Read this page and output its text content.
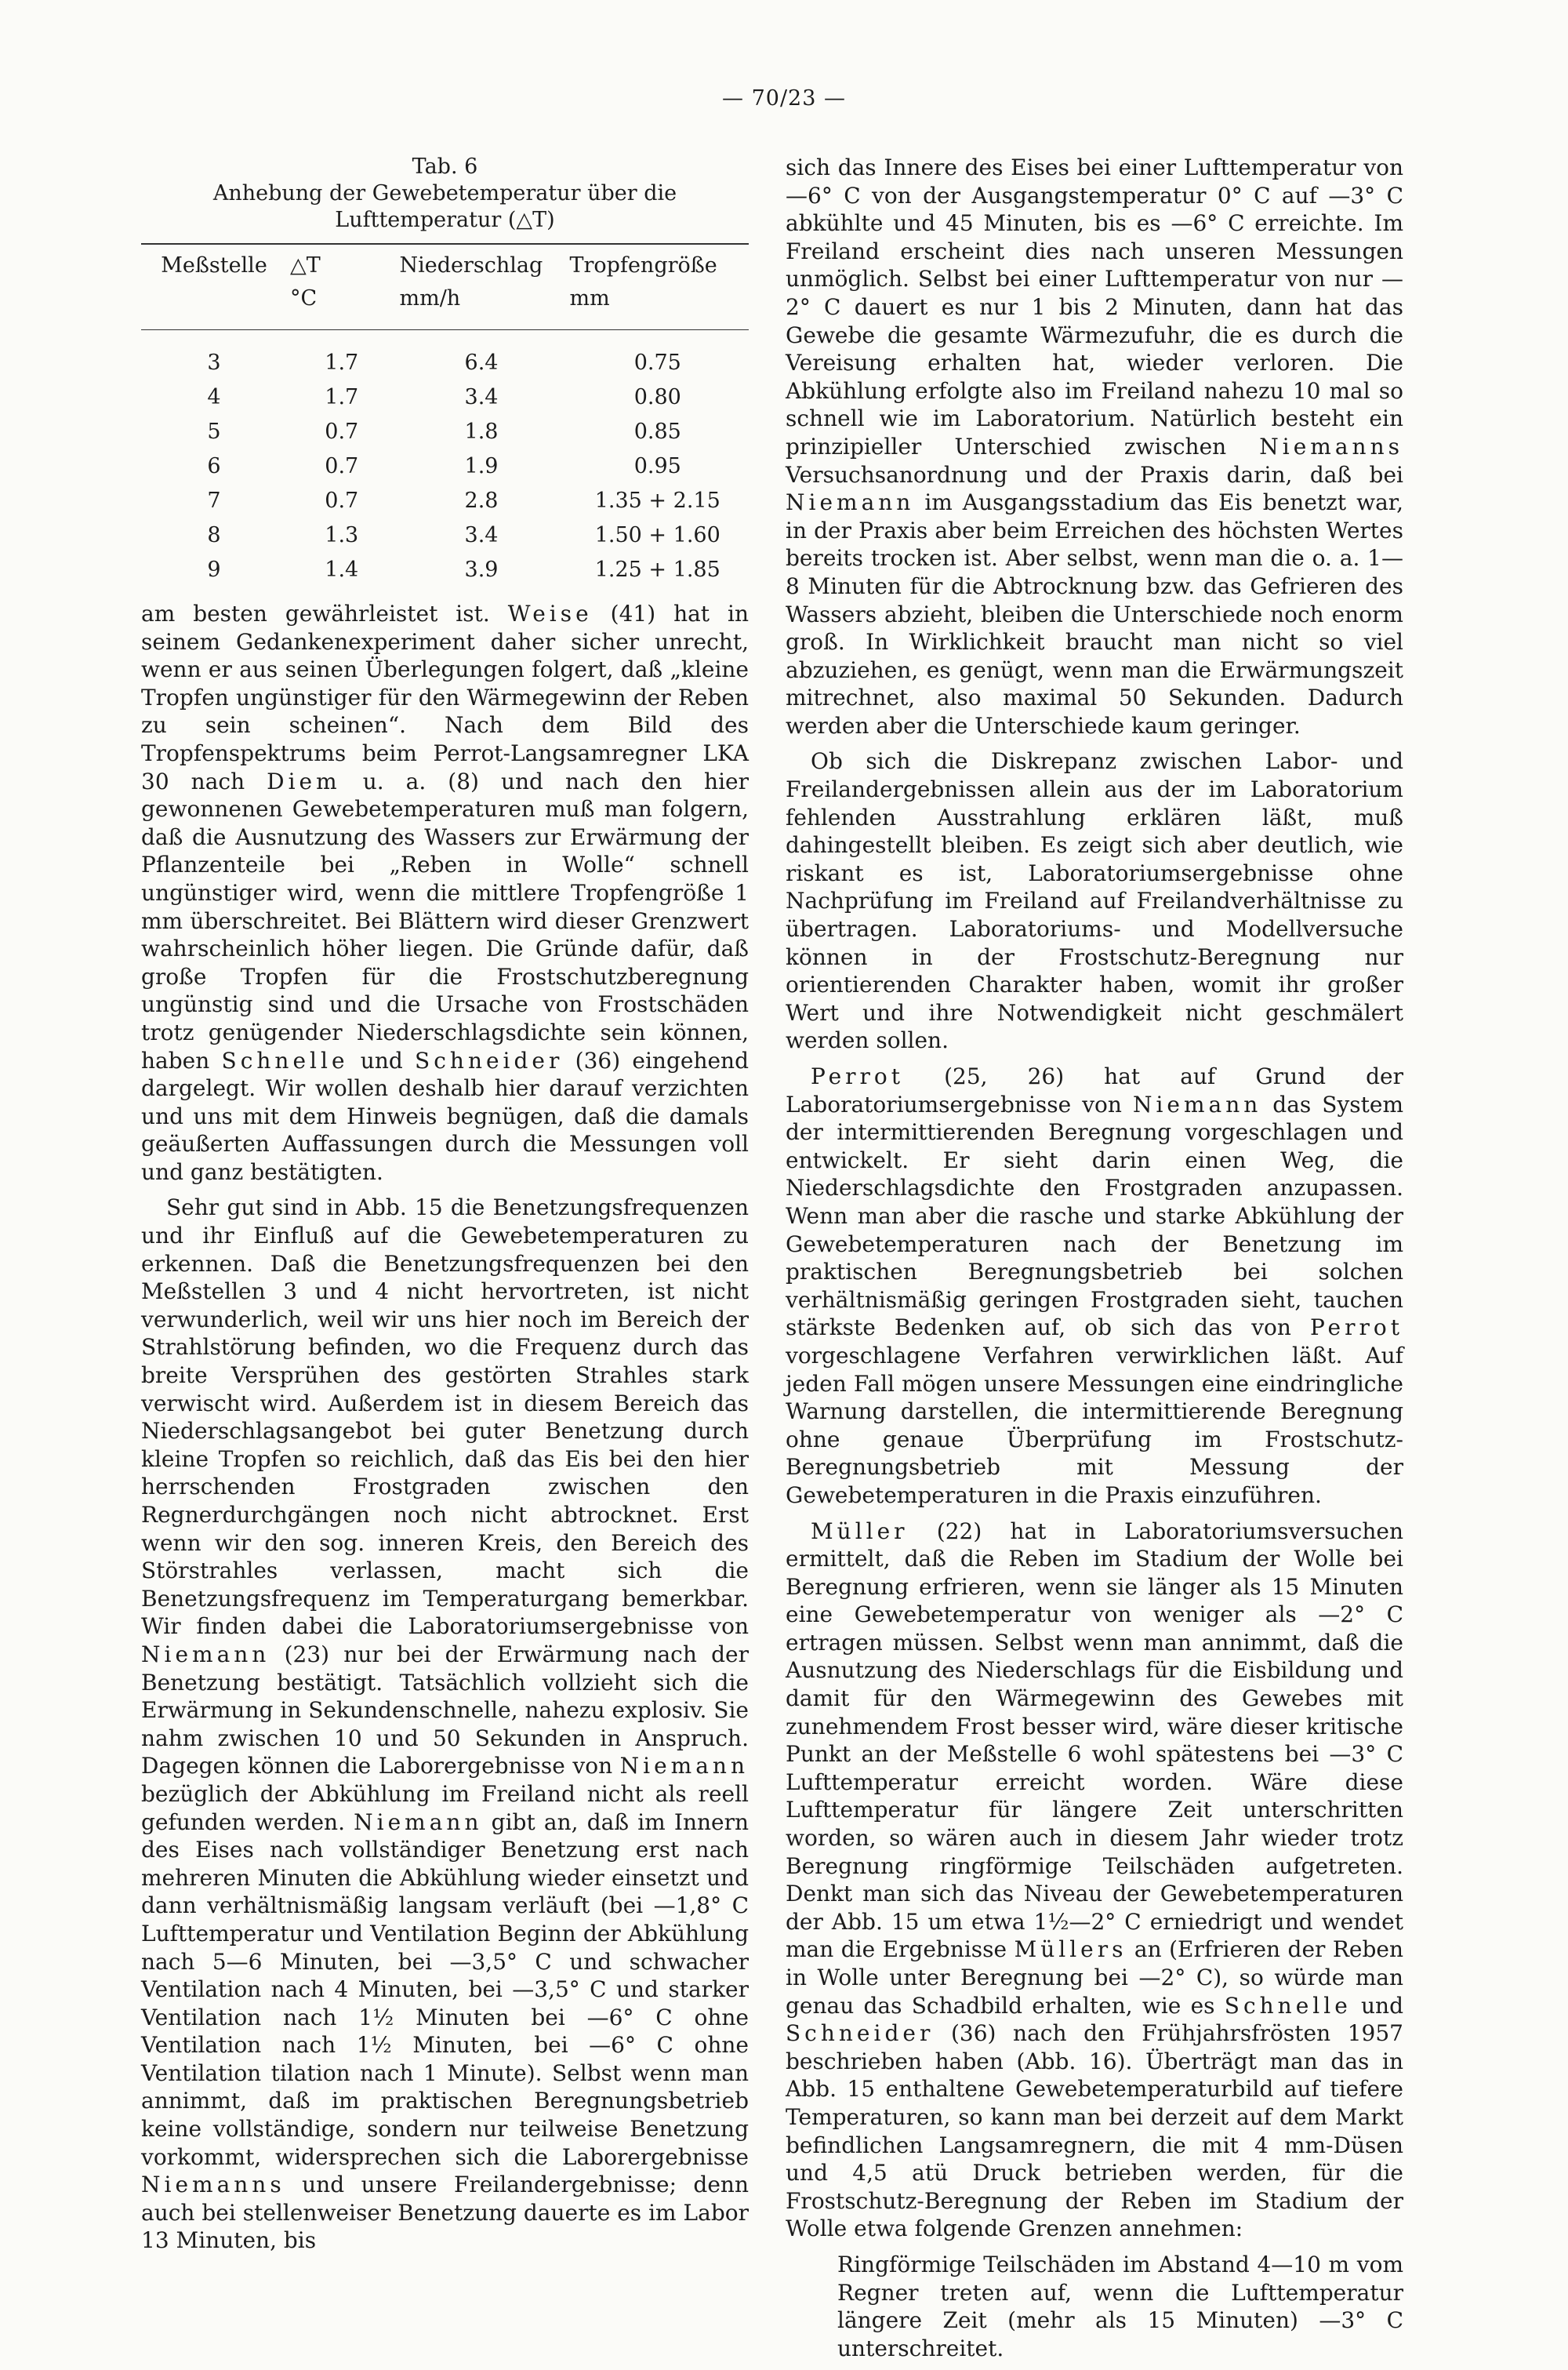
— 70/23 —
Tab. 6
Anhebung der Gewebetemperatur über die Lufttemperatur (△T)
Meßstelle	△T	Niederschlag	Tropfengröße
	°C	mm/h	mm
3	1.7	6.4	0.75
4	1.7	3.4	0.80
5	0.7	1.8	0.85
6	0.7	1.9	0.95
7	0.7	2.8	1.35 + 2.15
8	1.3	3.4	1.50 + 1.60
9	1.4	3.9	1.25 + 1.85

am besten gewährleistet ist. Weise (41) hat in seinem Gedankenexperiment daher sicher unrecht, wenn er aus seinen Überlegungen folgert, daß „kleine Tropfen ungünstiger für den Wärmegewinn der Reben zu sein scheinen“. Nach dem Bild des Tropfenspektrums beim Perrot-Langsamregner LKA 30 nach Diem u. a. (8) und nach den hier gewonnenen Gewebetemperaturen muß man folgern, daß die Ausnutzung des Wassers zur Erwärmung der Pflanzenteile bei „Reben in Wolle“ schnell ungünstiger wird, wenn die mittlere Tropfengröße 1 mm überschreitet. Bei Blättern wird dieser Grenzwert wahrscheinlich höher liegen. Die Gründe dafür, daß große Tropfen für die Frostschutzberegnung ungünstig sind und die Ursache von Frostschäden trotz genügender Niederschlagsdichte sein können, haben Schnelle und Schneider (36) eingehend dargelegt. Wir wollen deshalb hier darauf verzichten und uns mit dem Hinweis begnügen, daß die damals geäußerten Auffassungen durch die Messungen voll und ganz bestätigten.

Sehr gut sind in Abb. 15 die Benetzungsfrequenzen und ihr Einfluß auf die Gewebetemperaturen zu erkennen. Daß die Benetzungsfrequenzen bei den Meßstellen 3 und 4 nicht hervortreten, ist nicht verwunderlich, weil wir uns hier noch im Bereich der Strahlstörung befinden, wo die Frequenz durch das breite Versprühen des gestörten Strahles stark verwischt wird. Außerdem ist in diesem Bereich das Niederschlagsangebot bei guter Benetzung durch kleine Tropfen so reichlich, daß das Eis bei den hier herrschenden Frostgraden zwischen den Regnerdurchgängen noch nicht abtrocknet. Erst wenn wir den sog. inneren Kreis, den Bereich des Störstrahles verlassen, macht sich die Benetzungsfrequenz im Temperaturgang bemerkbar. Wir finden dabei die Laboratoriumsergebnisse von Niemann (23) nur bei der Erwärmung nach der Benetzung bestätigt. Tatsächlich vollzieht sich die Erwärmung in Sekundenschnelle, nahezu explosiv. Sie nahm zwischen 10 und 50 Sekunden in Anspruch. Dagegen können die Laborergebnisse von Niemann bezüglich der Abkühlung im Freiland nicht als reell gefunden werden. Niemann gibt an, daß im Innern des Eises nach vollständiger Benetzung erst nach mehreren Minuten die Abkühlung wieder einsetzt und dann verhältnismäßig langsam verläuft (bei —1,8° C Lufttemperatur und Ventilation Beginn der Abkühlung nach 5—6 Minuten, bei —3,5° C und schwacher Ventilation nach 4 Minuten, bei —3,5° C und starker Ventilation nach 1½ Minuten bei —6° C ohne Ventilation nach 1½ Minuten, bei —6° C ohne Ventilation tilation nach 1 Minute). Selbst wenn man annimmt, daß im praktischen Beregnungsbetrieb keine vollständige, sondern nur teilweise Benetzung vorkommt, widersprechen sich die Laborergebnisse Niemanns und unsere Freilandergebnisse; denn auch bei stellenweiser Benetzung dauerte es im Labor 13 Minuten, bis

sich das Innere des Eises bei einer Lufttemperatur von —6° C von der Ausgangstemperatur 0° C auf —3° C abkühlte und 45 Minuten, bis es —6° C erreichte. Im Freiland erscheint dies nach unseren Messungen unmöglich. Selbst bei einer Lufttemperatur von nur —2° C dauert es nur 1 bis 2 Minuten, dann hat das Gewebe die gesamte Wärmezufuhr, die es durch die Vereisung erhalten hat, wieder verloren. Die Abkühlung erfolgte also im Freiland nahezu 10 mal so schnell wie im Laboratorium. Natürlich besteht ein prinzipieller Unterschied zwischen Niemanns Versuchsanordnung und der Praxis darin, daß bei Niemann im Ausgangsstadium das Eis benetzt war, in der Praxis aber beim Erreichen des höchsten Wertes bereits trocken ist. Aber selbst, wenn man die o. a. 1—8 Minuten für die Abtrocknung bzw. das Gefrieren des Wassers abzieht, bleiben die Unterschiede noch enorm groß. In Wirklichkeit braucht man nicht so viel abzuziehen, es genügt, wenn man die Erwärmungszeit mitrechnet, also maximal 50 Sekunden. Dadurch werden aber die Unterschiede kaum geringer.

Ob sich die Diskrepanz zwischen Labor- und Freilandergebnissen allein aus der im Laboratorium fehlenden Ausstrahlung erklären läßt, muß dahingestellt bleiben. Es zeigt sich aber deutlich, wie riskant es ist, Laboratoriumsergebnisse ohne Nachprüfung im Freiland auf Freilandverhältnisse zu übertragen. Laboratoriums- und Modellversuche können in der Frostschutz-Beregnung nur orientierenden Charakter haben, womit ihr großer Wert und ihre Notwendigkeit nicht geschmälert werden sollen.

Perrot (25, 26) hat auf Grund der Laboratoriumsergebnisse von Niemann das System der intermittierenden Beregnung vorgeschlagen und entwickelt. Er sieht darin einen Weg, die Niederschlagsdichte den Frostgraden anzupassen. Wenn man aber die rasche und starke Abkühlung der Gewebetemperaturen nach der Benetzung im praktischen Beregnungsbetrieb bei solchen verhältnismäßig geringen Frostgraden sieht, tauchen stärkste Bedenken auf, ob sich das von Perrot vorgeschlagene Verfahren verwirklichen läßt. Auf jeden Fall mögen unsere Messungen eine eindringliche Warnung darstellen, die intermittierende Beregnung ohne genaue Überprüfung im Frostschutz-Beregnungsbetrieb mit Messung der Gewebetemperaturen in die Praxis einzuführen.

Müller (22) hat in Laboratoriumsversuchen ermittelt, daß die Reben im Stadium der Wolle bei Beregnung erfrieren, wenn sie länger als 15 Minuten eine Gewebetemperatur von weniger als —2° C ertragen müssen. Selbst wenn man annimmt, daß die Ausnutzung des Niederschlags für die Eisbildung und damit für den Wärmegewinn des Gewebes mit zunehmendem Frost besser wird, wäre dieser kritische Punkt an der Meßstelle 6 wohl spätestens bei —3° C Lufttemperatur erreicht worden. Wäre diese Lufttemperatur für längere Zeit unterschritten worden, so wären auch in diesem Jahr wieder trotz Beregnung ringförmige Teilschäden aufgetreten. Denkt man sich das Niveau der Gewebetemperaturen der Abb. 15 um etwa 1½—2° C erniedrigt und wendet man die Ergebnisse Müllers an (Erfrieren der Reben in Wolle unter Beregnung bei —2° C), so würde man genau das Schadbild erhalten, wie es Schnelle und Schneider (36) nach den Frühjahrsfrösten 1957 beschrieben haben (Abb. 16). Überträgt man das in Abb. 15 enthaltene Gewebetemperaturbild auf tiefere Temperaturen, so kann man bei derzeit auf dem Markt befindlichen Langsamregnern, die mit 4 mm-Düsen und 4,5 atü Druck betrieben werden, für die Frostschutz-Beregnung der Reben im Stadium der Wolle etwa folgende Grenzen annehmen:

Ringförmige Teilschäden im Abstand 4—10 m vom Regner treten auf, wenn die Lufttemperatur längere Zeit (mehr als 15 Minuten) —3° C unterschreitet.
